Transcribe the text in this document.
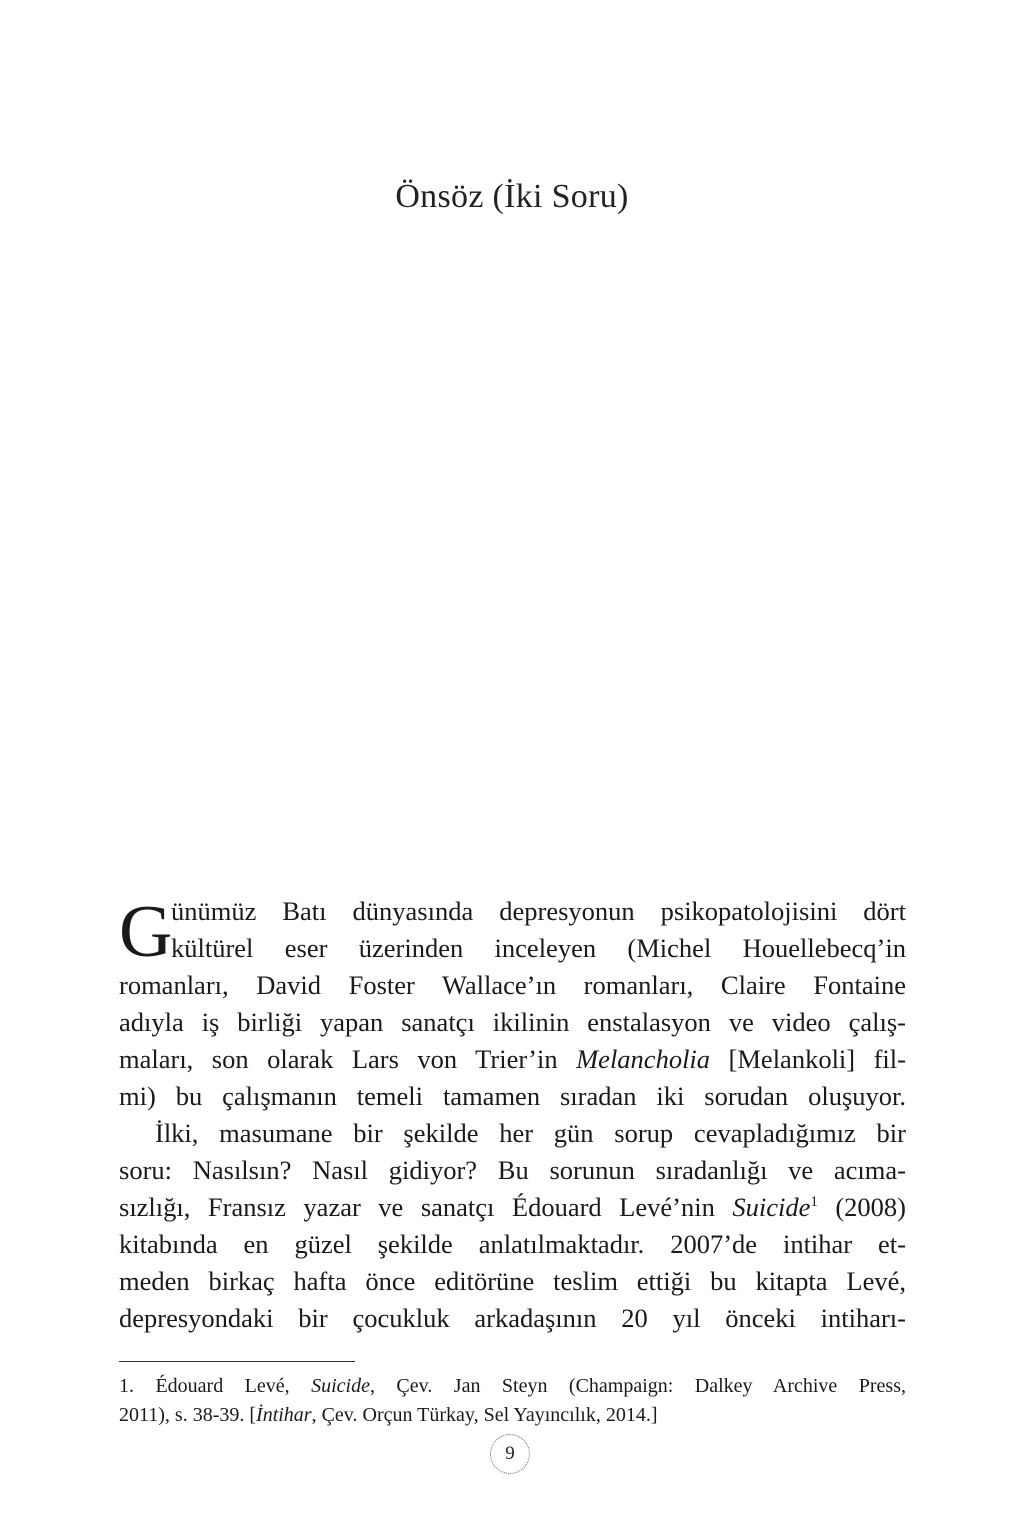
Önsöz (İki Soru)
G
ünümüz Batı dünyasında depresyonun psikopatolojisini dört
kültürel eser üzerinden inceleyen (Michel Houellebecq’in
romanları, David Foster Wallace’ın romanları, Claire Fontaine
adıyla iş birliği yapan sanatçı ikilinin enstalasyon ve video çalış-
maları, son olarak Lars von Trier’in Melancholia [Melankoli] fil-
mi) bu çalışmanın temeli tamamen sıradan iki sorudan oluşuyor.
İlki, masumane bir şekilde her gün sorup cevapladığımız bir
soru: Nasılsın? Nasıl gidiyor? Bu sorunun sıradanlığı ve acıma-
sızlığı, Fransız yazar ve sanatçı Édouard Levé’nin Suicide$^1$ (2008)
kitabında en güzel şekilde anlatılmaktadır. 2007’de intihar et-
meden birkaç hafta önce editörüne teslim ettiği bu kitapta Levé,
depresyondaki bir çocukluk arkadaşının 20 yıl önceki intiharı-
1. Édouard Levé, Suicide, Çev. Jan Steyn (Champaign: Dalkey Archive Press,
2011), s. 38-39. [İntihar, Çev. Orçun Türkay, Sel Yayıncılık, 2014.]
9
